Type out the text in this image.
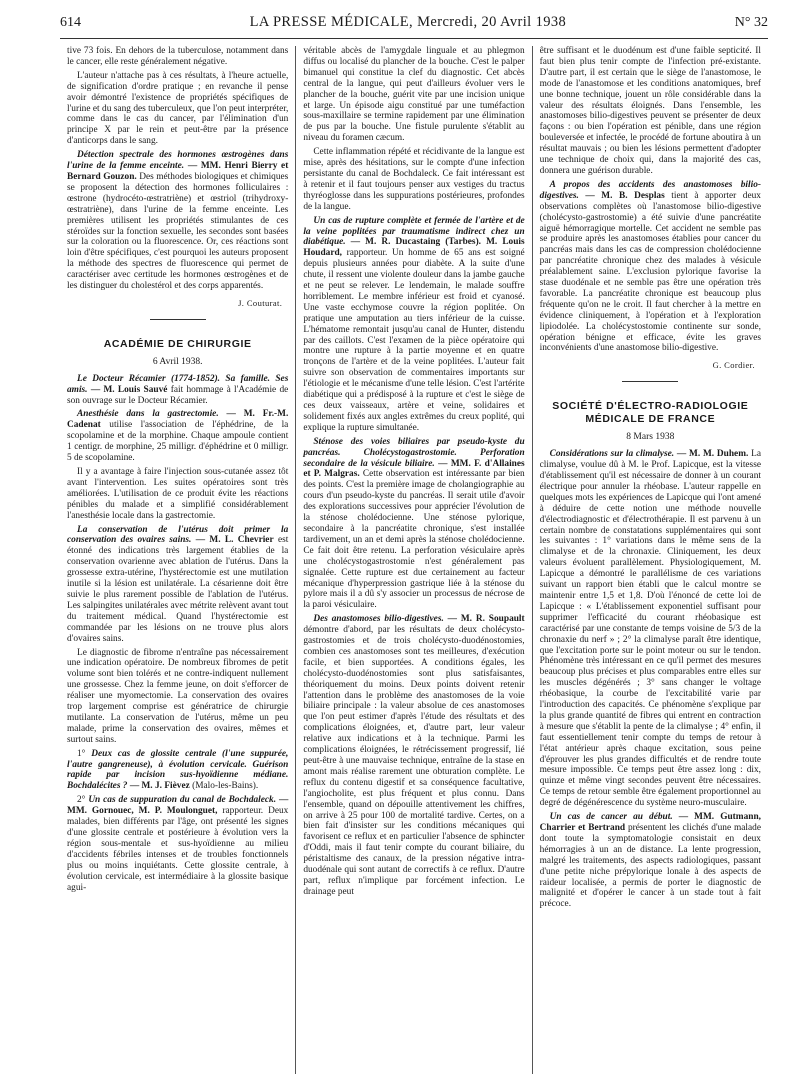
614	LA PRESSE MÉDICALE, Mercredi, 20 Avril 1938	N° 32

tive 73 fois. En dehors de la tuberculose, notamment dans le cancer, elle reste généralement négative.

L'auteur n'attache pas à ces résultats, à l'heure actuelle, de signification d'ordre pratique ; en revanche il pense avoir démontré l'existence de propriétés spécifiques de l'urine et du sang des tuberculeux, que l'on peut interpréter, comme dans le cas du cancer, par l'élimination d'un principe X par le rein et peut-être par la présence d'anticorps dans le sang.

Détection spectrale des hormones œstrogènes dans l'urine de la femme enceinte. — MM. Henri Bierry et Bernard Gouzon. Des méthodes biologiques et chimiques se proposent la détection des hormones folliculaires : œstrone (hydrocéto-œstratriène) et œstriol (trihydroxy-œstratriène), dans l'urine de la femme enceinte. Les premières utilisent les propriétés stimulantes de ces stéroïdes sur la fonction sexuelle, les secondes sont basées sur la coloration ou la fluorescence. Or, ces réactions sont loin d'être spécifiques, c'est pourquoi les auteurs proposent la méthode des spectres de fluorescence qui permet de caractériser avec certitude les hormones œstrogènes et de les distinguer du cholestérol et des corps apparentés.

J. Couturat.
ACADÉMIE DE CHIRURGIE
6 Avril 1938.

Le Docteur Récamier (1774-1852). Sa famille. Ses amis. — M. Louis Sauvé fait hommage à l'Académie de son ouvrage sur le Docteur Récamier.

Anesthésie dans la gastrectomie. — M. Fr.-M. Cadenat utilise l'association de l'éphédrine, de la scopolamine et de la morphine. Chaque ampoule contient 1 centigr. de morphine, 25 milligr. d'éphédrine et 0 milligr. 5 de scopolamine.

Il y a avantage à faire l'injection sous-cutanée assez tôt avant l'intervention. Les suites opératoires sont très améliorées. L'utilisation de ce produit évite les réactions pénibles du malade et a simplifié considérablement l'anesthésie locale dans la gastrectomie.

La conservation de l'utérus doit primer la conservation des ovaires sains. — M. L. Chevrier est étonné des indications très largement établies de la conservation ovarienne avec ablation de l'utérus. Dans la grossesse extra-utérine, l'hystérectomie est une mutilation inutile si la lésion est unilatérale. La césarienne doit être suivie le plus rarement possible de l'ablation de l'utérus. Les salpingites unilatérales avec métrite relèvent avant tout du traitement médical. Quand l'hystérectomie est commandée par les lésions on ne trouve plus alors d'ovaires sains.

Le diagnostic de fibrome n'entraîne pas nécessairement une indication opératoire. De nombreux fibromes de petit volume sont bien tolérés et ne contre-indiquent nullement une grossesse. Chez la femme jeune, on doit s'efforcer de réaliser une myomectomie. La conservation des ovaires trop largement comprise est génératrice de chirurgie mutilante. La conservation de l'utérus, même un peu malade, prime la conservation des ovaires, mêmes et surtout sains.

1° Deux cas de glossite centrale (l'une suppurée, l'autre gangreneuse), à évolution cervicale. Guérison rapide par incision sus-hyoïdienne médiane. Bochdalécites ? — M. J. Fièvez (Malo-les-Bains).

2° Un cas de suppuration du canal de Bochdaleck. — MM. Gornouec, M. P. Moulonguet, rapporteur. Deux malades, bien différents par l'âge, ont présenté les signes d'une glossite centrale et postérieure à évolution vers la région sous-mentale et sus-hyoïdienne au milieu d'accidents fébriles intenses et de troubles fonctionnels plus ou moins inquiétants. Cette glossite centrale, à évolution cervicale, est intermédiaire à la glossite basique agui-

véritable abcès de l'amygdale linguale et au phlegmon diffus ou localisé du plancher de la bouche. C'est le palper bimanuel qui constitue la clef du diagnostic. Cet abcès central de la langue, qui peut d'ailleurs évoluer vers le plancher de la bouche, guérit vite par une incision unique et large. Un épisode aigu constitué par une tuméfaction sous-maxillaire se termine rapidement par une élimination de pus par la bouche. Une fistule purulente s'établit au niveau du foramen cæcum.

Cette inflammation répété et récidivante de la langue est mise, après des hésitations, sur le compte d'une infection persistante du canal de Bochdaleck. Ce fait intéressant est à retenir et il faut toujours penser aux vestiges du tractus thyréoglosse dans les suppurations postérieures, profondes de la langue.

Un cas de rupture complète et fermée de l'artère et de la veine poplitées par traumatisme indirect chez un diabétique. — M. R. Ducastaing (Tarbes). M. Louis Houdard, rapporteur. Un homme de 65 ans est soigné depuis plusieurs années pour diabète. A la suite d'une chute, il ressent une violente douleur dans la jambe gauche et ne peut se relever. Le lendemain, le malade souffre horriblement. Le membre inférieur est froid et cyanosé. Une vaste ecchymose couvre la région poplitée. On pratique une amputation au tiers inférieur de la cuisse. L'hématome remontait jusqu'au canal de Hunter, distendu par des caillots. C'est l'examen de la pièce opératoire qui montre une rupture à la partie moyenne et en quatre tronçons de l'artère et de la veine poplitées. L'auteur fait suivre son observation de commentaires importants sur l'étiologie et le mécanisme d'une telle lésion. C'est l'artérite diabétique qui a prédisposé à la rupture et c'est le siège de ces deux vaisseaux, artère et veine, solidaires et solidement fixés aux angles extrêmes du creux poplité, qui explique la rupture simultanée.

Sténose des voies biliaires par pseudo-kyste du pancréas. Cholécystogastrostomie. Perforation secondaire de la vésicule biliaire. — MM. F. d'Allaines et P. Malgras. Cette observation est intéressante par bien des points. C'est la première image de cholangiographie au cours d'un pseudo-kyste du pancréas. Il serait utile d'avoir des explorations successives pour apprécier l'évolution de la sténose cholédocienne. Une sténose pylorique, secondaire à la pancréatite chronique, s'est installée tardivement, un an et demi après la sténose cholédocienne. Ce fait doit être retenu. La perforation vésiculaire après une cholécystogastrostomie n'est généralement pas signalée. Cette rupture est due certainement au facteur mécanique d'hyperpression gastrique liée à la sténose du pylore mais il a dû s'y associer un processus de nécrose de la paroi vésiculaire.

Des anastomoses bilio-digestives. — M. R. Soupault démontre d'abord, par les résultats de deux cholécysto-gastrostomies et de trois cholécysto-duodénostomies, combien ces anastomoses sont tes meilleures, d'exécution facile, et bien supportées. A conditions égales, les cholécysto-duodénostomies sont plus satisfaisantes, théoriquement du moins. Deux points doivent retenir l'attention dans le problème des anastomoses de la voie biliaire principale : la valeur absolue de ces anastomoses que l'on peut estimer d'après l'étude des résultats et des complications éloignées, et, d'autre part, leur valeur relative aux indications et à la technique. Parmi les complications éloignées, le rétrécissement progressif, lié peut-être à une mauvaise technique, entraîne de la stase en amont mais réalise rarement une obturation complète. Le reflux du contenu digestif et sa conséquence facultative, l'angiocholite, est plus fréquent et plus connu. Dans l'ensemble, quand on dépouille attentivement les chiffres, on arrive à 25 pour 100 de mortalité tardive. Certes, on a bien fait d'insister sur les conditions mécaniques qui favorisent ce reflux et en particulier l'absence de sphincter d'Oddi, mais il faut tenir compte du courant biliaire, du péristaltisme des canaux, de la pression négative intra-duodénale qui sont autant de correctifs à ce reflux. D'autre part, reflux n'implique par forcément infection. Le drainage peut

être suffisant et le duodénum est d'une faible septicité. Il faut bien plus tenir compte de l'infection pré-existante. D'autre part, il est certain que le siège de l'anastomose, le mode de l'anastomose et les conditions anatomiques, bref une bonne technique, jouent un rôle considérable dans la valeur des résultats éloignés. Dans l'ensemble, les anastomoses bilio-digestives peuvent se présenter de deux façons : ou bien l'opération est pénible, dans une région bouleversée et infectée, le procédé de fortune aboutira à un résultat mauvais ; ou bien les lésions permettent d'adopter une technique de choix qui, dans la majorité des cas, donnera une guérison durable.

A propos des accidents des anastomoses bilio-digestives. — M. B. Desplas tient à apporter deux observations complètes où l'anastomose bilio-digestive (cholécysto-gastrostomie) a été suivie d'une pancréatite aiguë hémorragique mortelle. Cet accident ne semble pas se produire après les anastomoses établies pour cancer du pancréas mais dans les cas de compression cholédocienne par pancréatite chronique chez des malades à vésicule préalablement saine. L'exclusion pylorique favorise la stase duodénale et ne semble pas être une opération très favorable. La pancréatite chronique est beaucoup plus fréquente qu'on ne le croit. Il faut chercher à la mettre en évidence cliniquement, à l'opération et à l'exploration lipiodolée. La cholécystostomie continente sur sonde, opération bénigne et efficace, évite les graves inconvénients d'une anastomose bilio-digestive.

G. Cordier.
SOCIÉTÉ D'ÉLECTRO-RADIOLOGIE MÉDICALE DE FRANCE
8 Mars 1938

Considérations sur la climalyse. — M. M. Duhem. La climalyse, voulue dû à M. le Prof. Lapicque, est la vitesse d'établissement qu'il est nécessaire de donner à un courant électrique pour annuler la rhéobase. L'auteur rappelle en quelques mots les expériences de Lapicque qui l'ont amené à déduire de cette notion une méthode nouvelle d'électrodiagnostic et d'électrothérapie. Il est parvenu à un certain nombre de constatations supplémentaires qui sont les suivantes : 1° variations dans le même sens de la climalyse et de la chronaxie. Cliniquement, les deux valeurs évoluent parallèlement. Physiologiquement, M. Lapicque a démontré le parallélisme de ces variations suivant un rapport bien établi que le calcul montre se maintenir entre 1,5 et 1,8. D'où l'énoncé de cette loi de Lapicque : « L'établissement exponentiel suffisant pour supprimer l'efficacité du courant rhéobasique est caractérisé par une constante de temps voisine de 5/3 de la chronaxie du nerf » ; 2° la climalyse paraît être identique, que l'excitation porte sur le point moteur ou sur le tendon. Phénomène très intéressant en ce qu'il permet des mesures beaucoup plus précises et plus comparables entre elles sur les muscles dégénérés ; 3° sans changer le voltage rhéobasique, la courbe de l'excitabilité varie par l'introduction des capacités. Ce phénomène s'explique par la plus grande quantité de fibres qui entrent en contraction à mesure que s'établit la pente de la climalyse ; 4° enfin, il faut essentiellement tenir compte du temps de retour à l'état antérieur après chaque excitation, sous peine d'éprouver les plus grandes difficultés et de rendre toute mesure impossible. Ce temps peut être assez long : dix, quinze et même vingt secondes peuvent être nécessaires. Ce temps de retour semble être également proportionnel au degré de dégénérescence du système neuro-musculaire.

Un cas de cancer au début. — MM. Gutmann, Charrier et Bertrand présentent les clichés d'une malade dont toute la symptomatologie consistait en deux hémorragies à un an de distance. La lente progression, malgré les traitements, des aspects radiologiques, passant d'une petite niche prépylorique lonale à des aspects de raideur localisée, a permis de porter le diagnostic de malignité et d'opérer le cancer à un stade tout à fait précoce.
